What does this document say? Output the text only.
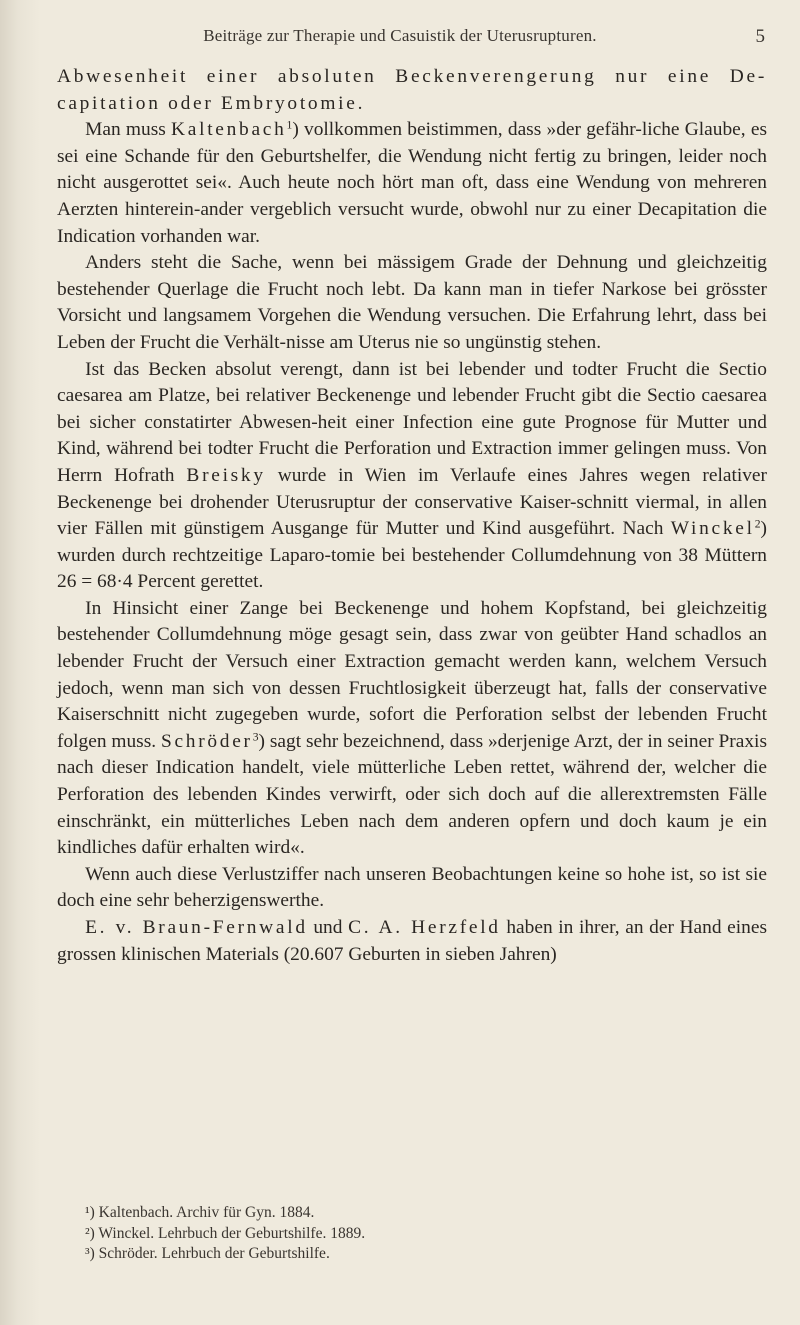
Beiträge zur Therapie und Casuistik der Uterusrupturen.	5

Abwesenheit einer absoluten Beckenverengerung nur eine De-capitation oder Embryotomie.

Man muss Kaltenbach$^1$) vollkommen beistimmen, dass »der gefähr-liche Glaube, es sei eine Schande für den Geburtshelfer, die Wendung nicht fertig zu bringen, leider noch nicht ausgerottet sei«. Auch heute noch hört man oft, dass eine Wendung von mehreren Aerzten hinterein-ander vergeblich versucht wurde, obwohl nur zu einer Decapitation die Indication vorhanden war.

Anders steht die Sache, wenn bei mässigem Grade der Dehnung und gleichzeitig bestehender Querlage die Frucht noch lebt. Da kann man in tiefer Narkose bei grösster Vorsicht und langsamem Vorgehen die Wendung versuchen. Die Erfahrung lehrt, dass bei Leben der Frucht die Verhält-nisse am Uterus nie so ungünstig stehen.

Ist das Becken absolut verengt, dann ist bei lebender und todter Frucht die Sectio caesarea am Platze, bei relativer Beckenenge und lebender Frucht gibt die Sectio caesarea bei sicher constatirter Abwesen-heit einer Infection eine gute Prognose für Mutter und Kind, während bei todter Frucht die Perforation und Extraction immer gelingen muss. Von Herrn Hofrath Breisky wurde in Wien im Verlaufe eines Jahres wegen relativer Beckenenge bei drohender Uterusruptur der conservative Kaiser-schnitt viermal, in allen vier Fällen mit günstigem Ausgange für Mutter und Kind ausgeführt. Nach Winckel$^2$) wurden durch rechtzeitige Laparo-tomie bei bestehender Collumdehnung von 38 Müttern 26 = 68·4 Percent gerettet.

In Hinsicht einer Zange bei Beckenenge und hohem Kopfstand, bei gleichzeitig bestehender Collumdehnung möge gesagt sein, dass zwar von geübter Hand schadlos an lebender Frucht der Versuch einer Extraction gemacht werden kann, welchem Versuch jedoch, wenn man sich von dessen Fruchtlosigkeit überzeugt hat, falls der conservative Kaiserschnitt nicht zugegeben wurde, sofort die Perforation selbst der lebenden Frucht folgen muss. Schröder$^3$) sagt sehr bezeichnend, dass »derjenige Arzt, der in seiner Praxis nach dieser Indication handelt, viele mütterliche Leben rettet, während der, welcher die Perforation des lebenden Kindes verwirft, oder sich doch auf die allerextremsten Fälle einschränkt, ein mütterliches Leben nach dem anderen opfern und doch kaum je ein kindliches dafür erhalten wird«.

Wenn auch diese Verlustziffer nach unseren Beobachtungen keine so hohe ist, so ist sie doch eine sehr beherzigenswerthe.

E. v. Braun-Fernwald und C. A. Herzfeld haben in ihrer, an der Hand eines grossen klinischen Materials (20.607 Geburten in sieben Jahren)

¹) Kaltenbach. Archiv für Gyn. 1884.
²) Winckel. Lehrbuch der Geburtshilfe. 1889.
³) Schröder. Lehrbuch der Geburtshilfe.
